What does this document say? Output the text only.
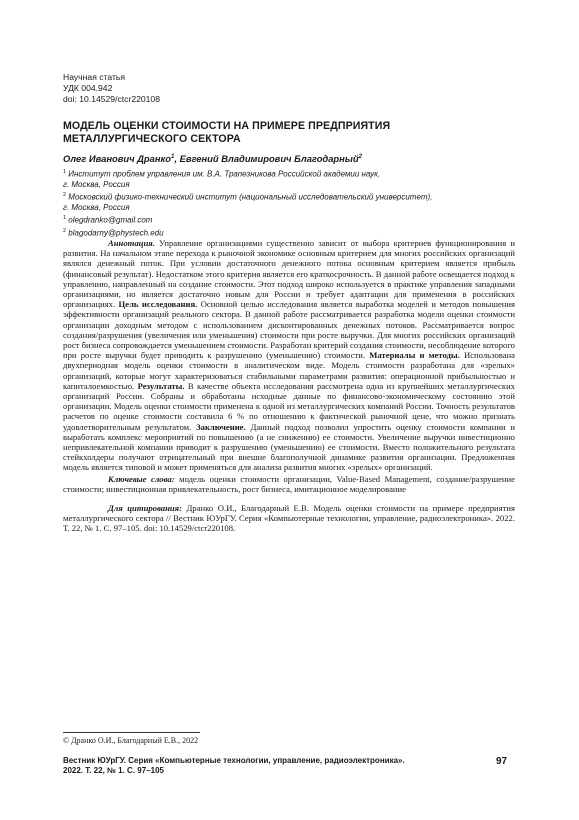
Научная статья
УДК 004.942
doi: 10.14529/ctcr220108
МОДЕЛЬ ОЦЕНКИ СТОИМОСТИ НА ПРИМЕРЕ ПРЕДПРИЯТИЯ
МЕТАЛЛУРГИЧЕСКОГО СЕКТОРА
Олег Иванович Дранко$^1$, Евгений Владимирович Благодарный$^2$
$^1$ Институт проблем управления им. В.А. Трапезникова Российской академии наук,
г. Москва, Россия
$^2$ Московский физико-технический институт (национальный исследовательский университет),
г. Москва, Россия
$^1$ olegdranko@gmail.com
$^2$ blagodarny@phystech.edu

Аннотация. Управление организациями существенно зависит от выбора критериев функционирования и развития. На начальном этапе перехода к рыночной экономике основным критерием для многих российских организаций являлся денежный поток. При условии достаточного денежного потока основным критерием является прибыль (финансовый результат). Недостатком этого критерия является его краткосрочность. В данной работе освещается подход к управлению, направленный на создание стоимости. Этот подход широко используется в практике управления западными организациями, но является достаточно новым для России и требует адаптации для применения в российских организациях. Цель исследования. Основной целью исследования является выработка моделей и методов повышения эффективности организаций реального сектора. В данной работе рассматривается разработка модели оценки стоимости организации доходным методом с использованием дисконтированных денежных потоков. Рассматривается вопрос создания/разрушения (увеличения или уменьшения) стоимости при росте выручки. Для многих российских организаций рост бизнеса сопровождается уменьшением стоимости. Разработан критерий создания стоимости, несоблюдение которого при росте выручки будет приводить к разрушению (уменьшению) стоимости. Материалы и методы. Использована двухпериодная модель оценки стоимости в аналитическом виде. Модель стоимости разработана для «зрелых» организаций, которые могут характеризоваться стабильными параметрами развития: операционной прибыльностью и капиталоемкостью. Результаты. В качестве объекта исследования рассмотрена одна из крупнейших металлургических организаций России. Собраны и обработаны исходные данные по финансово-экономическому состоянию этой организации. Модель оценки стоимости применена к одной из металлургических компаний России. Точность результатов расчетов по оценке стоимости составила 6 % по отношению к фактической рыночной цене, что можно признать удовлетворительным результатом. Заключение. Данный подход позволил упростить оценку стоимости компании и выработать комплекс мероприятий по повышению (а не снижению) ее стоимости. Увеличение выручки инвестиционно непривлекательной компании приводит к разрушению (уменьшению) ее стоимости. Вместо положительного результата стейкхолдеры получают отрицательный при внешне благополучной динамике развития организации. Предложенная модель является типовой и может применяться для анализа развития многих «зрелых» организаций.

Ключевые слова: модель оценки стоимости организации, Value-Based Management, создание/разрушение стоимости; инвестиционная привлекательность, рост бизнеса, имитационное моделирование

Для цитирования: Дранко О.И., Благодарный Е.В. Модель оценки стоимости на примере предприятия металлургического сектора // Вестник ЮУрГУ. Серия «Компьютерные технологии, управление, радиоэлектроника». 2022. Т. 22, № 1. С. 97–105. doi: 10.14529/ctcr220108.

© Дранко О.И., Благодарный Е.В., 2022
Вестник ЮУрГУ. Серия «Компьютерные технологии, управление, радиоэлектроника».
2022. Т. 22, № 1. С. 97–105
97
